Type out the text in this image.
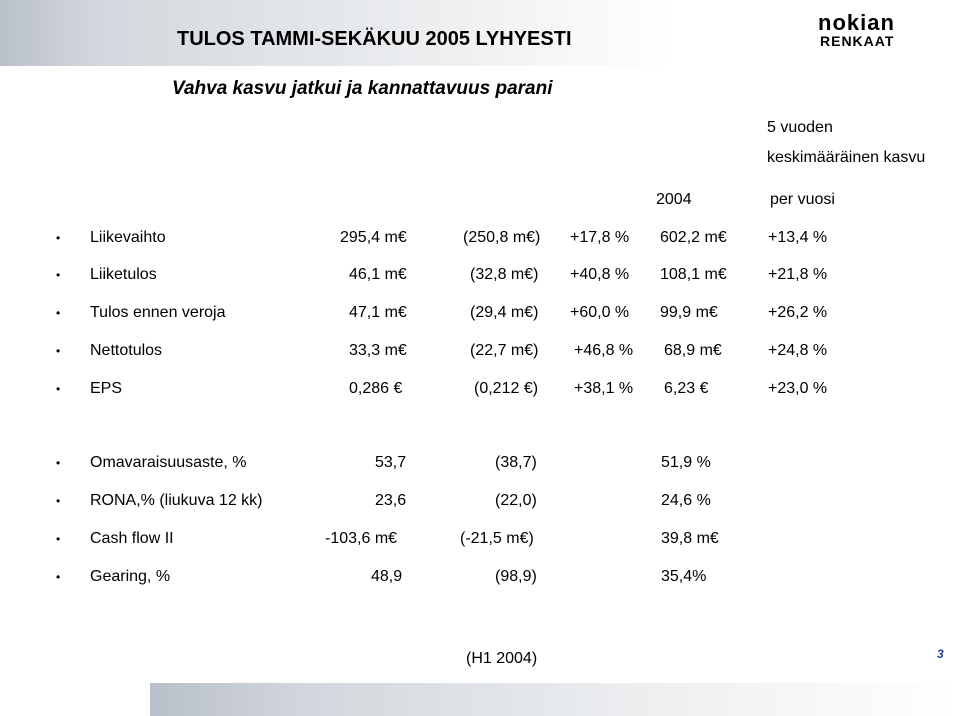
TULOS TAMMI-SEKÄKUU 2005 LYHYESTI
nokian
RENKAAT
Vahva kasvu jatkui ja kannattavuus parani
5 vuoden
keskimääräinen kasvu
2004	per vuosi
• Liikevaihto	295,4 m€	(250,8 m€) +17,8 % 602,2 m€	+13,4 %
• Liiketulos	46,1 m€	(32,8 m€) +40,8 % 108,1 m€	+21,8 %
• Tulos ennen veroja	47,1 m€	(29,4 m€) +60,0 % 99,9 m€	+26,2 %
• Nettotulos	33,3 m€	(22,7 m€) +46,8 % 68,9 m€	+24,8 %
• EPS	0,286 €	(0,212 €) +38,1 % 6,23 €	+23,0 %
• Omavaraisuusaste, %	53,7	(38,7)	51,9 %
• RONA,% (liukuva 12 kk)	23,6	(22,0)	24,6 %
• Cash flow II	-103,6 m€	(-21,5 m€)	39,8 m€
• Gearing, %	48,9	(98,9)	35,4%
(H1 2004)	3
